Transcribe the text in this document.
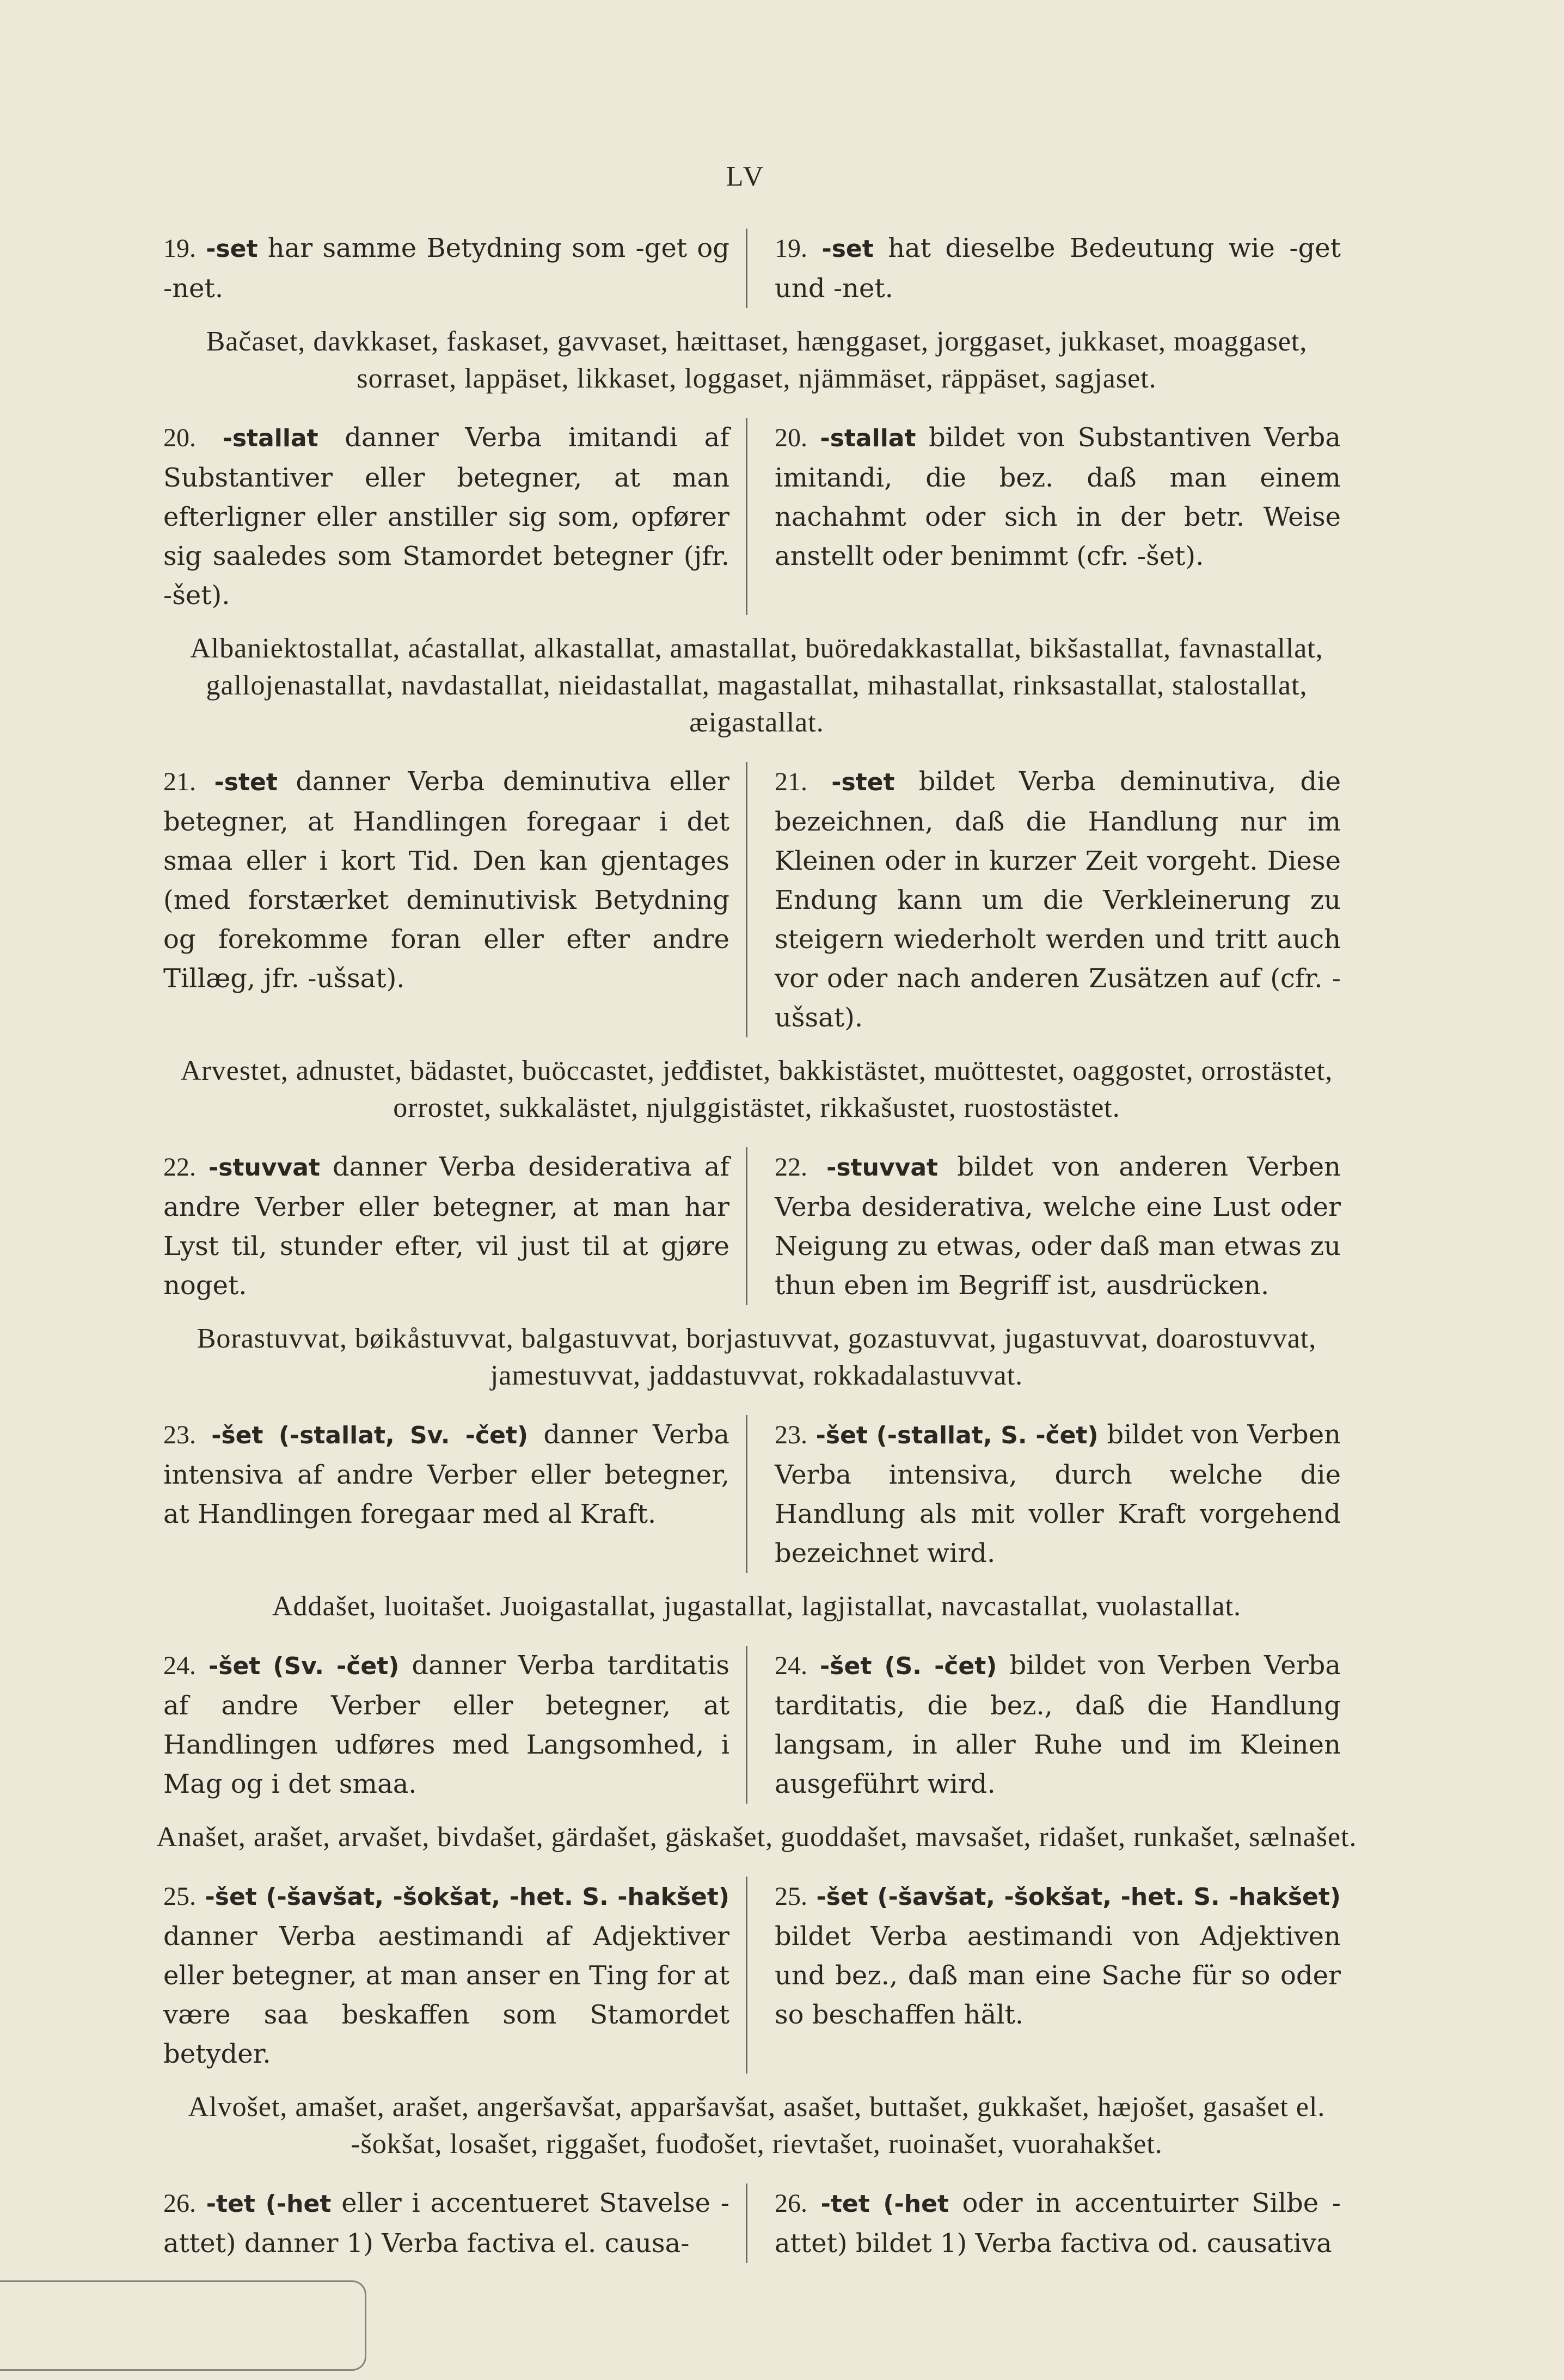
LV
19. -set har samme Betydning som -get og -net.
19. -set hat dieselbe Bedeutung wie -get und -net.
Bačaset, davkkaset, faskaset, gavvaset, hæittaset, hænggaset, jorggaset, jukkaset, moaggaset, sorraset, lappäset, likkaset, loggaset, njämmäset, räppäset, sagjaset.
20. -stallat danner Verba imitandi af Substantiver eller betegner, at man efterligner eller anstiller sig som, opfører sig saaledes som Stamordet betegner (jfr. -šet).
20. -stallat bildet von Substantiven Verba imitandi, die bez. daß man einem nachahmt oder sich in der betr. Weise anstellt oder benimmt (cfr. -šet).
Albaniektostallat, aćastallat, alkastallat, amastallat, buöredakkastallat, bikšastallat, favnastallat, gallojenastallat, navdastallat, nieidastallat, magastallat, mihastallat, rinksastallat, stalostallat, æigastallat.
21. -stet danner Verba deminutiva eller betegner, at Handlingen foregaar i det smaa eller i kort Tid. Den kan gjentages (med forstærket deminutivisk Betydning og forekomme foran eller efter andre Tillæg, jfr. -ušsat).
21. -stet bildet Verba deminutiva, die bezeichnen, daß die Handlung nur im Kleinen oder in kurzer Zeit vorgeht. Diese Endung kann um die Verkleinerung zu steigern wiederholt werden und tritt auch vor oder nach anderen Zusätzen auf (cfr. -ušsat).
Arvestet, adnustet, bädastet, buöccastet, jeđđistet, bakkistästet, muöttestet, oaggostet, orrostästet, orrostet, sukkalästet, njulggistästet, rikkašustet, ruostostästet.
22. -stuvvat danner Verba desiderativa af andre Verber eller betegner, at man har Lyst til, stunder efter, vil just til at gjøre noget.
22. -stuvvat bildet von anderen Verben Verba desiderativa, welche eine Lust oder Neigung zu etwas, oder daß man etwas zu thun eben im Begriff ist, ausdrücken.
Borastuvvat, bøikåstuvvat, balgastuvvat, borjastuvvat, gozastuvvat, jugastuvvat, doarostuvvat, jamestuvvat, jaddastuvvat, rokkadalastuvvat.
23. -šet (-stallat, Sv. -čet) danner Verba intensiva af andre Verber eller betegner, at Handlingen foregaar med al Kraft.
23. -šet (-stallat, S. -čet) bildet von Verben Verba intensiva, durch welche die Handlung als mit voller Kraft vorgehend bezeichnet wird.
Addašet, luoitašet. Juoigastallat, jugastallat, lagjistallat, navcastallat, vuolastallat.
24. -šet (Sv. -čet) danner Verba tarditatis af andre Verber eller betegner, at Handlingen udføres med Langsomhed, i Mag og i det smaa.
24. -šet (S. -čet) bildet von Verben Verba tarditatis, die bez., daß die Handlung langsam, in aller Ruhe und im Kleinen ausgeführt wird.
Anašet, arašet, arvašet, bivdašet, gärdašet, gäskašet, guoddašet, mavsašet, ridašet, runkašet, sælnašet.
25. -šet (-šavšat, -šokšat, -het. S. -hakšet) danner Verba aestimandi af Adjektiver eller betegner, at man anser en Ting for at være saa beskaffen som Stamordet betyder.
25. -šet (-šavšat, -šokšat, -het. S. -hakšet) bildet Verba aestimandi von Adjektiven und bez., daß man eine Sache für so oder so beschaffen hält.
Alvošet, amašet, arašet, angeršavšat, apparšavšat, asašet, buttašet, gukkašet, hæjošet, gasašet el. -šokšat, losašet, riggašet, fuođošet, rievtašet, ruoinašet, vuorahakšet.
26. -tet (-het eller i accentueret Stavelse -attet) danner 1) Verba factiva el. causa-
26. -tet (-het oder in accentuirter Silbe -attet) bildet 1) Verba factiva od. causativa
